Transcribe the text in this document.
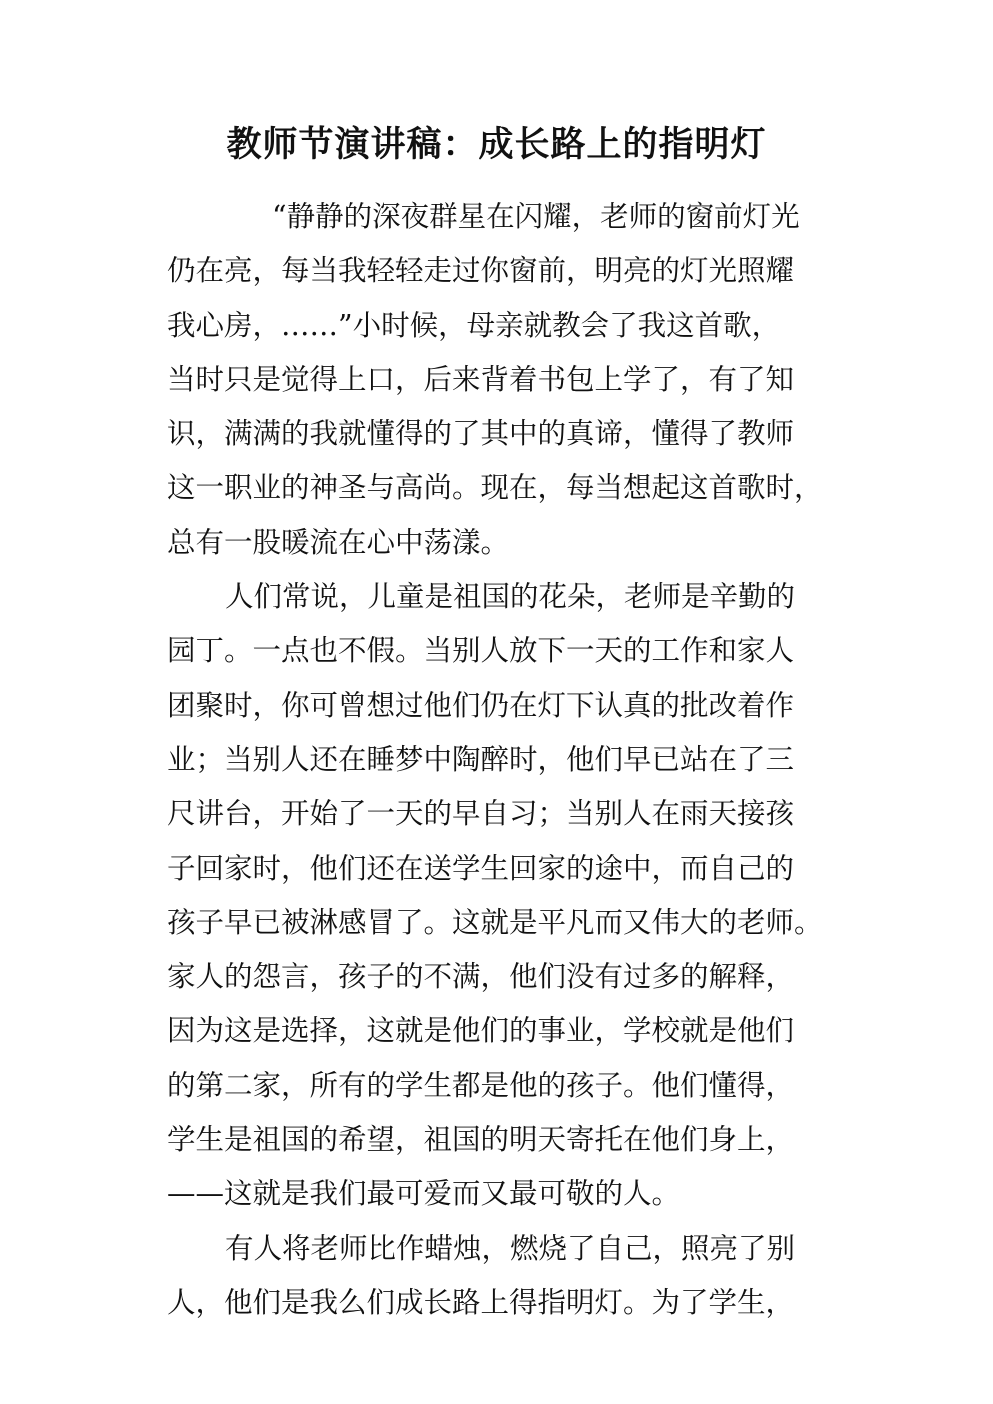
教师节演讲稿：成长路上的指明灯
“静静的深夜群星在闪耀，老师的窗前灯光
仍在亮，每当我轻轻走过你窗前，明亮的灯光照耀
我心房，……”小时候，母亲就教会了我这首歌，
当时只是觉得上口，后来背着书包上学了，有了知
识，满满的我就懂得的了其中的真谛，懂得了教师
这一职业的神圣与高尚。现在，每当想起这首歌时，
总有一股暖流在心中荡漾。
人们常说，儿童是祖国的花朵，老师是辛勤的
园丁。一点也不假。当别人放下一天的工作和家人
团聚时，你可曾想过他们仍在灯下认真的批改着作
业；当别人还在睡梦中陶醉时，他们早已站在了三
尺讲台，开始了一天的早自习；当别人在雨天接孩
子回家时，他们还在送学生回家的途中，而自己的
孩子早已被淋感冒了。这就是平凡而又伟大的老师。
家人的怨言，孩子的不满，他们没有过多的解释，
因为这是选择，这就是他们的事业，学校就是他们
的第二家，所有的学生都是他的孩子。他们懂得，
学生是祖国的希望，祖国的明天寄托在他们身上，
——这就是我们最可爱而又最可敬的人。
有人将老师比作蜡烛，燃烧了自己，照亮了别
人，他们是我么们成长路上得指明灯。为了学生，
